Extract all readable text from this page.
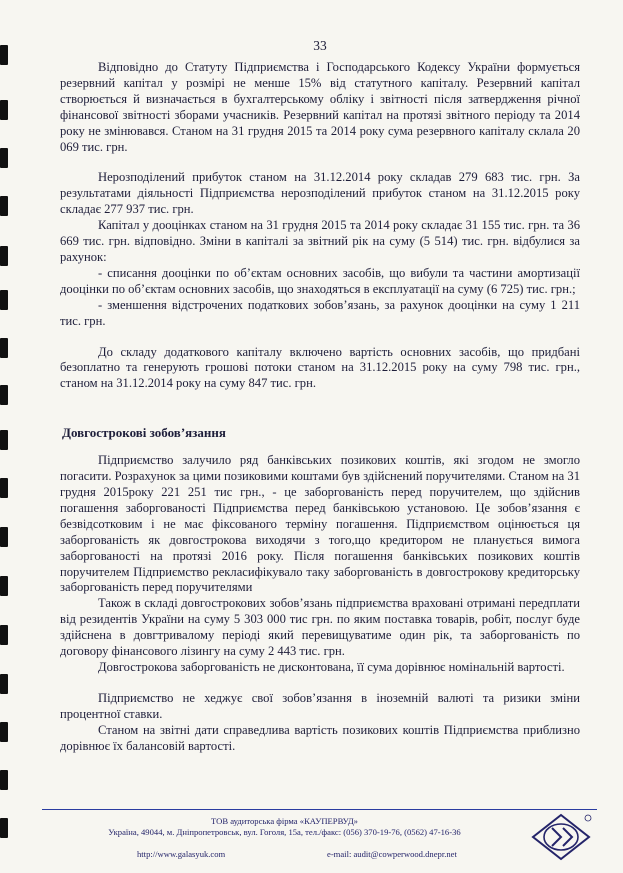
33

Відповідно до Статуту Підприємства і Господарського Кодексу України формується резервний капітал у розмірі не менше 15% від статутного капіталу. Резервний капітал створюється й визначається в бухгалтерському обліку і звітності після затвердження річної фінансової звітності зборами учасників. Резервний капітал на протязі звітного періоду та 2014 року не змінювався. Станом на 31 грудня 2015 та 2014 року сума резервного капіталу склала 20 069 тис. грн.

Нерозподілений прибуток станом на 31.12.2014 року складав 279 683 тис. грн. За результатами діяльності Підприємства нерозподілений прибуток станом на 31.12.2015 року складає 277 937 тис. грн.

Капітал у дооцінках станом на 31 грудня 2015 та 2014 року складає 31 155 тис. грн. та 36 669 тис. грн. відповідно. Зміни в капіталі за звітний рік на суму (5 514) тис. грн. відбулися за рахунок:

- списання дооцінки по об’єктам основних засобів, що вибули та частини амортизації дооцінки по об’єктам основних засобів, що знаходяться в експлуатації на суму (6 725) тис. грн.;

- зменшення відстрочених податкових зобов’язань, за рахунок дооцінки на суму 1 211 тис. грн.

До складу додаткового капіталу включено вартість основних засобів, що придбані безоплатно та генерують грошові потоки станом на 31.12.2015 року на суму 798 тис. грн., станом на 31.12.2014 року на суму 847 тис. грн.

Довгострокові зобов’язання

Підприємство залучило ряд банківських позикових коштів, які згодом не змогло погасити. Розрахунок за цими позиковими коштами був здійснений поручителями. Станом на 31 грудня 2015року 221 251 тис грн., - це заборгованість перед поручителем, що здійснив погашення заборгованості Підприємства перед банківською установою. Це зобов’язання є безвідсотковим і не має фіксованого терміну погашення. Підприємством оцінюється ця заборгованість як довгострокова виходячи з того,що кредитором не планується вимога заборгованості на протязі 2016 року. Після погашення банківських позикових коштів поручителем Підприємство рекласифікувало таку заборгованість в довгострокову кредиторську заборгованість перед поручителями

Також в складі довгострокових зобов’язань підприємства враховані отримані передплати від резидентів України на суму 5 303 000 тис грн. по яким поставка товарів, робіт, послуг буде здійснена в довгтривалому періоді який перевищуватиме один рік, та заборгованість по договору фінансового лізингу на суму 2 443 тис. грн.

Довгострокова заборгованість не дисконтована, її сума дорівнює номінальній вартості.

Підприємство не хеджує свої зобов’язання в іноземній валюті та ризики зміни процентної ставки.

Станом на звітні дати справедлива вартість позикових коштів Підприємства приблизно дорівнює їх балансовій вартості.

ТОВ аудиторська фірма «КАУПЕРВУД»
Україна, 49044, м. Дніпропетровськ, вул. Гоголя, 15а, тел./факс: (056) 370-19-76, (0562) 47-16-36
http://www.galasyuk.com	e-mail: audit@cowperwood.dnepr.net
